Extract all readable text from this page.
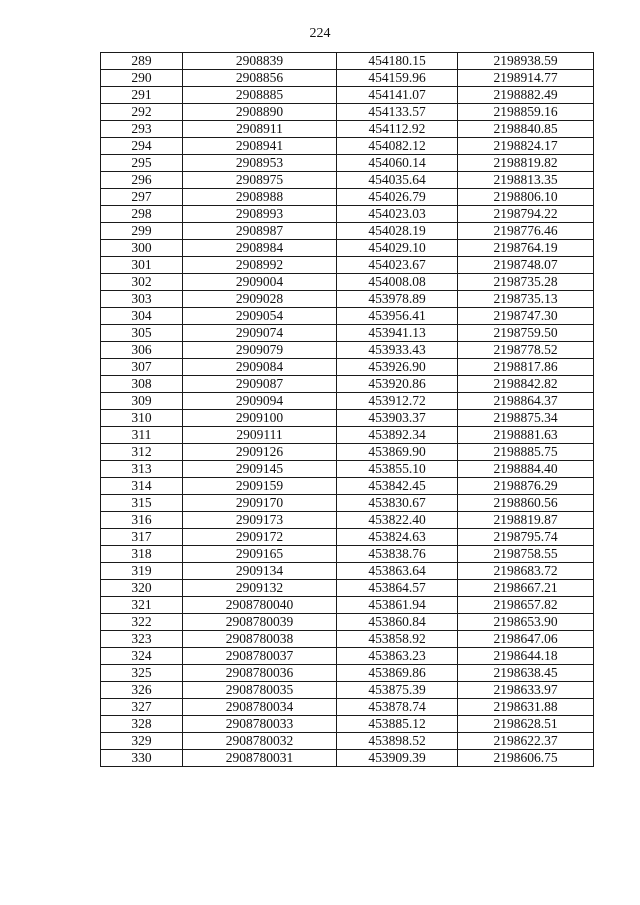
224
289	2908839	454180.15	2198938.59
290	2908856	454159.96	2198914.77
291	2908885	454141.07	2198882.49
292	2908890	454133.57	2198859.16
293	2908911	454112.92	2198840.85
294	2908941	454082.12	2198824.17
295	2908953	454060.14	2198819.82
296	2908975	454035.64	2198813.35
297	2908988	454026.79	2198806.10
298	2908993	454023.03	2198794.22
299	2908987	454028.19	2198776.46
300	2908984	454029.10	2198764.19
301	2908992	454023.67	2198748.07
302	2909004	454008.08	2198735.28
303	2909028	453978.89	2198735.13
304	2909054	453956.41	2198747.30
305	2909074	453941.13	2198759.50
306	2909079	453933.43	2198778.52
307	2909084	453926.90	2198817.86
308	2909087	453920.86	2198842.82
309	2909094	453912.72	2198864.37
310	2909100	453903.37	2198875.34
311	2909111	453892.34	2198881.63
312	2909126	453869.90	2198885.75
313	2909145	453855.10	2198884.40
314	2909159	453842.45	2198876.29
315	2909170	453830.67	2198860.56
316	2909173	453822.40	2198819.87
317	2909172	453824.63	2198795.74
318	2909165	453838.76	2198758.55
319	2909134	453863.64	2198683.72
320	2909132	453864.57	2198667.21
321	2908780040	453861.94	2198657.82
322	2908780039	453860.84	2198653.90
323	2908780038	453858.92	2198647.06
324	2908780037	453863.23	2198644.18
325	2908780036	453869.86	2198638.45
326	2908780035	453875.39	2198633.97
327	2908780034	453878.74	2198631.88
328	2908780033	453885.12	2198628.51
329	2908780032	453898.52	2198622.37
330	2908780031	453909.39	2198606.75
